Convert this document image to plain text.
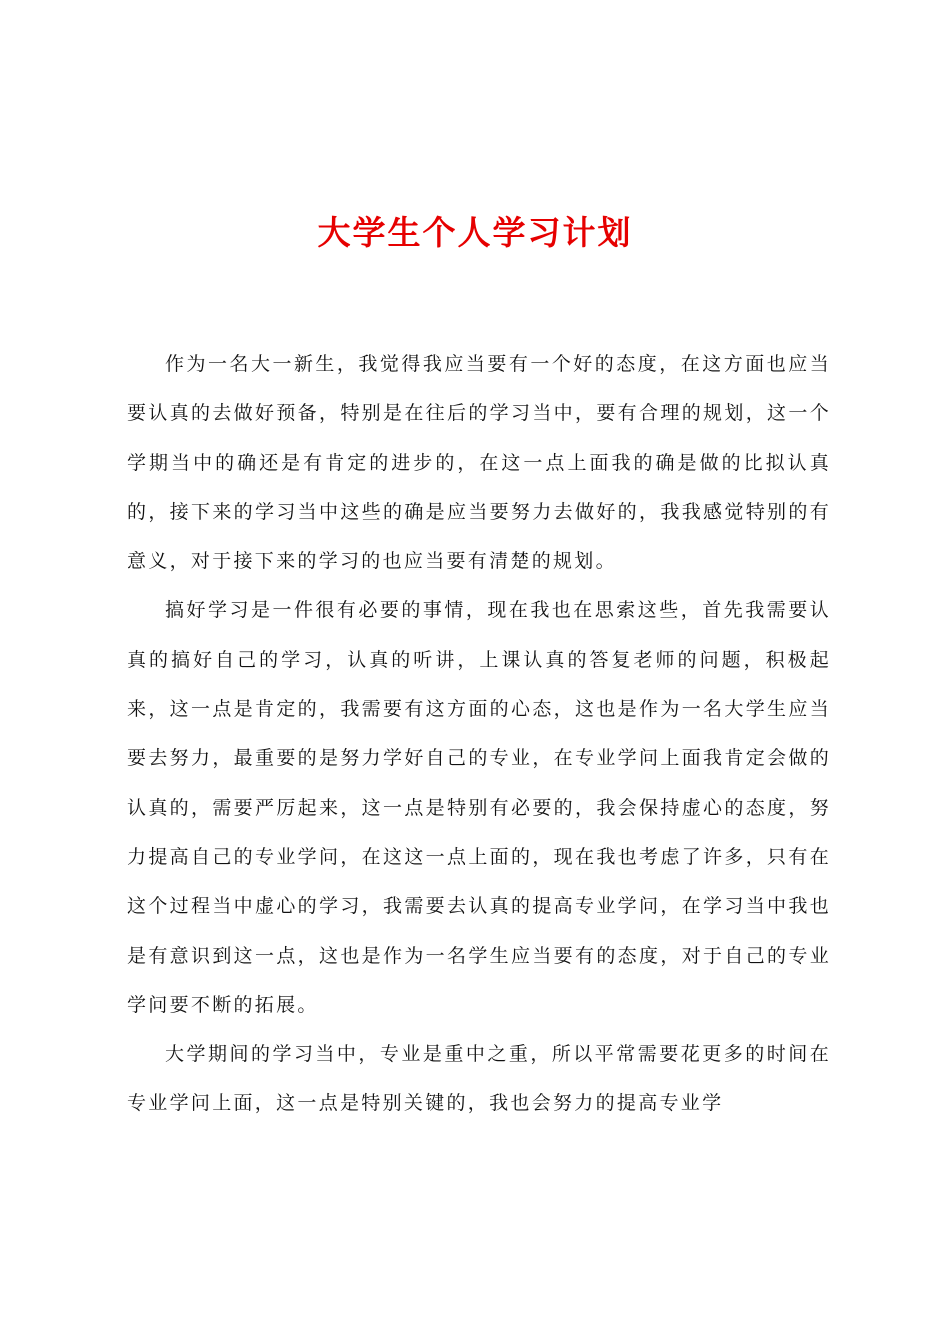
大学生个人学习计划

作为一名大一新生，我觉得我应当要有一个好的态度，在这方面也应当要认真的去做好预备，特别是在往后的学习当中，要有合理的规划，这一个学期当中的确还是有肯定的进步的，在这一点上面我的确是做的比拟认真的，接下来的学习当中这些的确是应当要努力去做好的，我我感觉特别的有意义，对于接下来的学习的也应当要有清楚的规划。

搞好学习是一件很有必要的事情，现在我也在思索这些，首先我需要认真的搞好自己的学习，认真的听讲，上课认真的答复老师的问题，积极起来，这一点是肯定的，我需要有这方面的心态，这也是作为一名大学生应当要去努力，最重要的是努力学好自己的专业，在专业学问上面我肯定会做的认真的，需要严厉起来，这一点是特别有必要的，我会保持虚心的态度，努力提高自己的专业学问，在这这一点上面的，现在我也考虑了许多，只有在这个过程当中虚心的学习，我需要去认真的提高专业学问，在学习当中我也是有意识到这一点，这也是作为一名学生应当要有的态度，对于自己的专业学问要不断的拓展。

大学期间的学习当中，专业是重中之重，所以平常需要花更多的时间在专业学问上面，这一点是特别关键的，我也会努力的提高专业学
